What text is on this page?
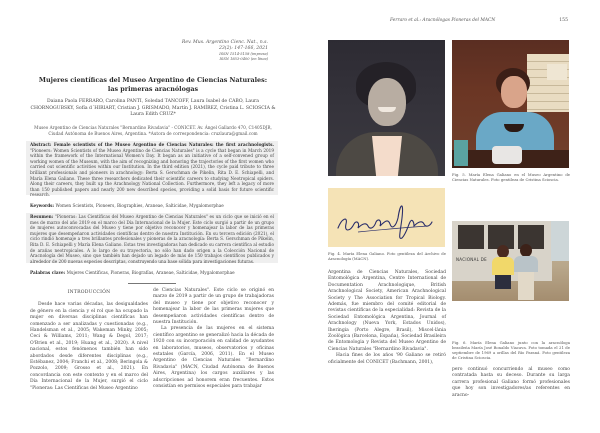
Rev. Mus. Argentino Cienc. Nat., n.s.
23(2): 147-166, 2021
ISSN 1514-5158 (impresa)
ISSN 1853-0400 (en línea)
Mujeres científicas del Museo Argentino de Ciencias Naturales:
las primeras aracnólogas
Daiana Paola FERRARO, Carolina PANTI, Soledad TANCOFF, Laura Isabel de CABO, Laura CHORNOGUBSKY, Sofía d´HIRIART, Cristian J. GRISMADO, Martín J. RAMÍREZ, Cristina L. SCIOSCIA & Laura Edith CRUZ*
Museo Argentino de Ciencias Naturales "Bernardino Rivadavia" - CONICET. Av. Ángel Gallardo 470, C1405DJR, Ciudad Autónoma de Buenos Aires, Argentina. *Autora de correspondencia: cruzlaura@gmail.com
Abstract: Female scientists of the Museo Argentino de Ciencias Naturales: the first arachnologists. "Pioneers: Women Scientists of the Museo Argentino de Ciencias Naturales" is a cycle that began in March 2019 within the framework of the International Women's Day. It began as an initiative of a self-convened group of working women of the Museum, with the aim of recognizing and honoring the trajectories of the first women who carried out scientific activities within our Institution. In the third edition (2021), the cycle paid tribute to three brilliant professionals and pioneers in arachnology: Berta S. Gerschman de Pikelin, Rita D. E. Schiapelli, and María Elena Galiano. These three researchers dedicated their scientific careers to studying Neotropical spiders. Along their careers, they built up the Arachnology National Collection. Furthermore, they left a legacy of more than 150 published papers and nearly 200 new described species, providing a solid basis for future scientific research.
Keywords: Women Scientists, Pioneers, Biographies, Araneae, Salticidae, Mygalomorphae
Resumen: "Pioneras: Las Científicas del Museo Argentino de Ciencias Naturales" es un ciclo que se inició en el mes de marzo del año 2019 en el marco del Día Internacional de la Mujer. Este ciclo surgió a partir de un grupo de mujeres autoconvocadas del Museo y tiene por objetivo reconocer y homenajear la labor de las primeras mujeres que desempeñaron actividades científicas dentro de nuestra Institución. En su tercera edición (2021), el ciclo rindió homenaje a tres brillantes profesionales y pioneras de la aracnología: Berta S. Gerschman de Pikelin, Rita D. E. Schiapelli y María Elena Galiano. Estas tres investigadoras han dedicado su carrera científica al estudio de arañas neotropicales. A lo largo de su trayectoria, no sólo han dado origen a la Colección Nacional de Aracnología del Museo, sino que también han dejado un legado de más de 150 trabajos científicos publicados y alrededor de 200 nuevas especies descriptas, construyendo una base sólida para investigaciones futuras.
Palabras clave: Mujeres Científicas, Pioneras, Biografías, Araneae, Salticidae, Mygalomorphae
INTRODUCCIÓN

Desde hace varias décadas, las desigualdades de género en la ciencia y el rol que ha ocupado la mujer en diversas disciplinas científicas han comenzado a ser analizadas y cuestionadas (e.g., Handelsman et al., 2005; Wakeman Minky, 2005; Ceci & Williams, 2011; Wang & Degol, 2017; O'Brien et al., 2019; Huang et al., 2020). A nivel nacional, estos fenómenos también han sido abordados desde diferentes disciplinas (e.g., Estébanez, 2004; Franchi et al., 2008; Beringola & Pozzolo, 2009; Grosso et al., 2021). En concordancia con este contexto y en el marco del Día Internacional de la Mujer, surgió el ciclo "Pioneras: Las Científicas del Museo Argentino

de Ciencias Naturales". Este ciclo se originó en marzo de 2019 a partir de un grupo de trabajadoras del museo y tiene por objetivo reconocer y homenajear la labor de las primeras mujeres que desempeñaron actividades científicas dentro de nuestra Institución.

La presencia de las mujeres en el sistema científico argentino se generalizó hacia la década de 1920 con su incorporación en calidad de ayudantes en laboratorios, museos, observatorios y oficinas estatales (García, 2006, 2011). En el Museo Argentino de Ciencias Naturales "Bernardino Rivadavia" (MACN, Ciudad Autónoma de Buenos Aires, Argentina) los cargos auxiliares y las adscripciones ad honorem eran frecuentes. Estos consistían en permisos especiales para trabajar

Ferraro et al.: Aracnólogas Pioneras del MACN	155
Fig. 5. María Elena Galiano en el Museo Argentino de Ciencias Naturales. Foto gentileza de Cristina Scioscia.
Fig. 4. María Elena Galiano. Foto gentileza del Archivo de Aracnología (MACN).	NACIONAL DE
Fig. 6. María Elena Galiano junto con la aracnóloga brasileña María José Bonaldo Viacava. Foto tomada el 21 de septiembre de 1969 a orillas del Río Paraná. Foto gentileza de Cristina Scioscia.

Argentina de Ciencias Naturales, Sociedad Entomológica Argentina, Centre International de Documentation Arachnologique, British Arachnological Society, American Arachnological Society y The Association for Tropical Biology. Además, fue miembro del comité editorial de revistas científicas de la especialidad: Revista de la Sociedad Entomológica Argentina, Journal of Arachnology (Nueva York, Estados Unidos), Iheringia (Porto Alegre, Brasil), Miscel·lània Zoològica (Barcelona, España), Sociedad Brasileira de Entomologia y Revista del Museo Argentino de Ciencias Naturales "Bernardino Rivadavia".

Hacia fines de los años '90 Galiano se retiró oficialmente del CONICET (Bachmann, 2001),

pero continuó concurriendo al museo como contratada hasta su deceso. Durante su larga carrera profesional Galiano formó profesionales que hoy son investigadores/as referentes en aracno-
